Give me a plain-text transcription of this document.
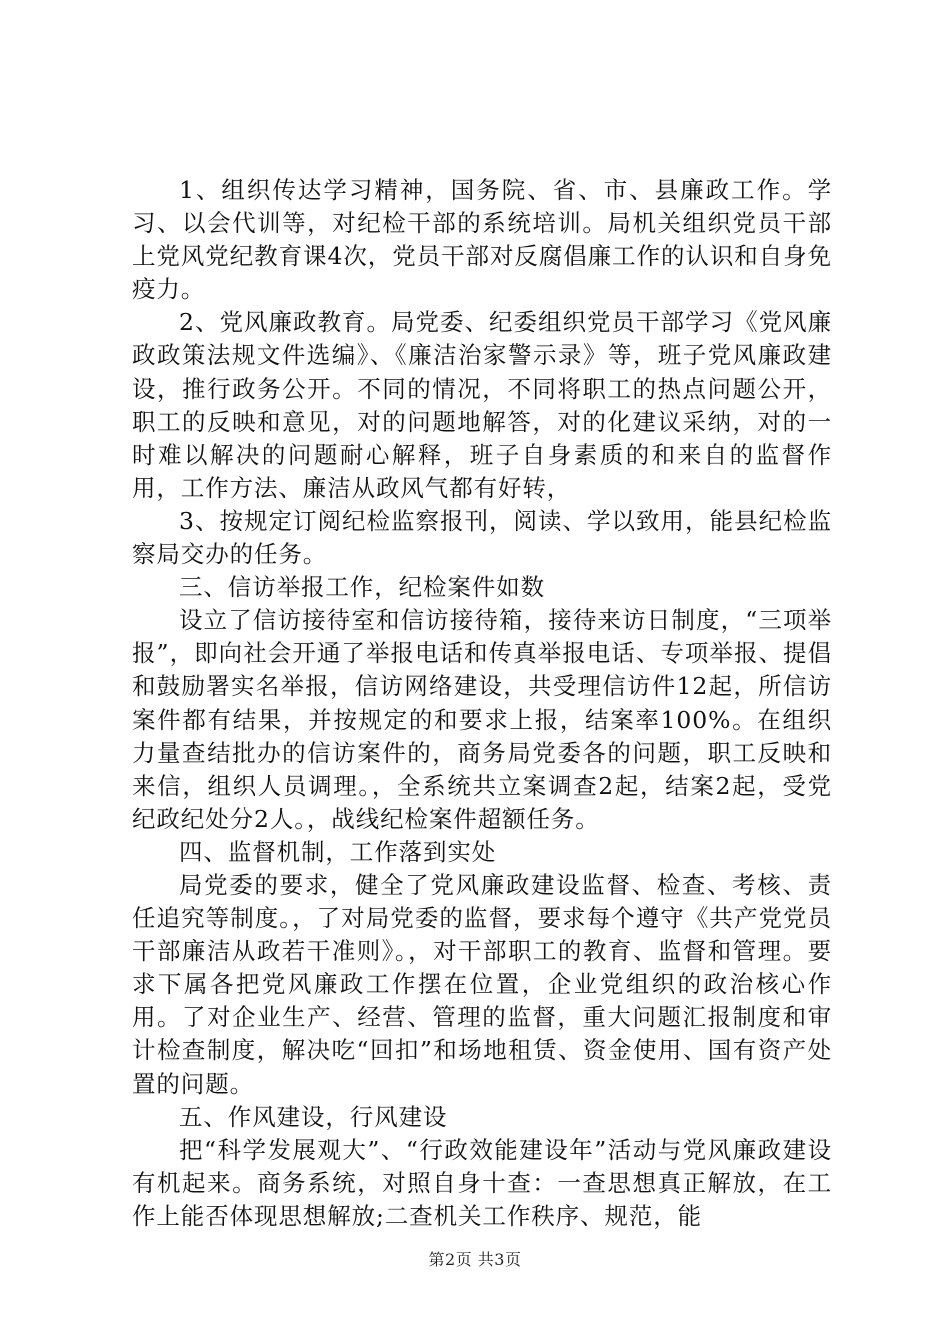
1、组织传达学习精神，国务院、省、市、县廉政工作。学习、以会代训等，对纪检干部的系统培训。局机关组织党员干部上党风党纪教育课4次，党员干部对反腐倡廉工作的认识和自身免疫力。

2、党风廉政教育。局党委、纪委组织党员干部学习《党风廉政政策法规文件选编》、《廉洁治家警示录》等，班子党风廉政建设，推行政务公开。不同的情况，不同将职工的热点问题公开，职工的反映和意见，对的问题地解答，对的化建议采纳，对的一时难以解决的问题耐心解释，班子自身素质的和来自的监督作用，工作方法、廉洁从政风气都有好转，

3、按规定订阅纪检监察报刊，阅读、学以致用，能县纪检监察局交办的任务。

三、信访举报工作，纪检案件如数

设立了信访接待室和信访接待箱，接待来访日制度，“三项举报”，即向社会开通了举报电话和传真举报电话、专项举报、提倡和鼓励署实名举报，信访网络建设，共受理信访件12起，所信访案件都有结果，并按规定的和要求上报，结案率100%。在组织力量查结批办的信访案件的，商务局党委各的问题，职工反映和来信，组织人员调理。，全系统共立案调查2起，结案2起，受党纪政纪处分2人。，战线纪检案件超额任务。

四、监督机制，工作落到实处

局党委的要求，健全了党风廉政建设监督、检查、考核、责任追究等制度。，了对局党委的监督，要求每个遵守《共产党党员干部廉洁从政若干准则》。，对干部职工的教育、监督和管理。要求下属各把党风廉政工作摆在位置，企业党组织的政治核心作用。了对企业生产、经营、管理的监督，重大问题汇报制度和审计检查制度，解决吃“回扣”和场地租赁、资金使用、国有资产处置的问题。

五、作风建设，行风建设

把“科学发展观大”、“行政效能建设年”活动与党风廉政建设有机起来。商务系统，对照自身十查：一查思想真正解放，在工作上能否体现思想解放;二查机关工作秩序、规范，能

第2页 共3页
